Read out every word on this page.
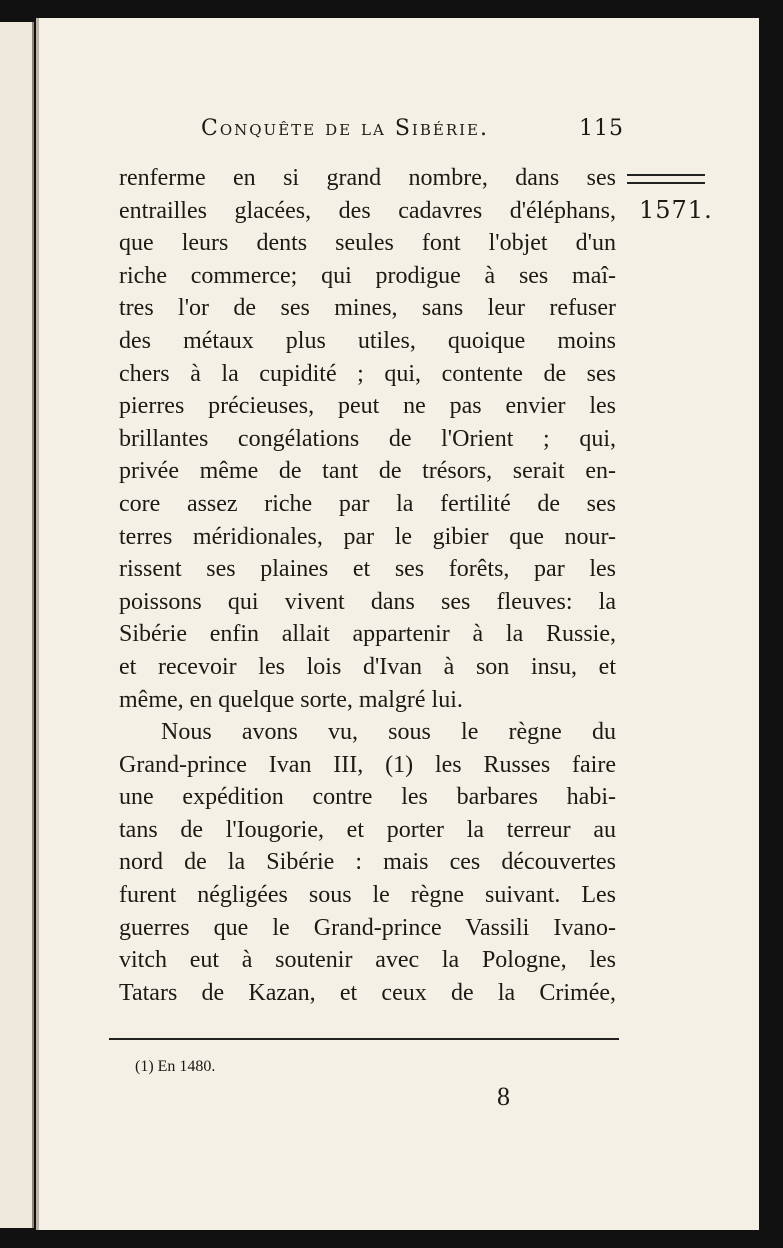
Conquête de la Sibérie.	115
1571.
renferme en si grand nombre, dans ses
entrailles glacées, des cadavres d'éléphans,
que leurs dents seules font l'objet d'un
riche commerce; qui prodigue à ses maî-
tres l'or de ses mines, sans leur refuser
des métaux plus utiles, quoique moins
chers à la cupidité ; qui, contente de ses
pierres précieuses, peut ne pas envier les
brillantes congélations de l'Orient ; qui,
privée même de tant de trésors, serait en-
core assez riche par la fertilité de ses
terres méridionales, par le gibier que nour-
rissent ses plaines et ses forêts, par les
poissons qui vivent dans ses fleuves: la
Sibérie enfin allait appartenir à la Russie,
et recevoir les lois d'Ivan à son insu, et
même, en quelque sorte, malgré lui.
Nous avons vu, sous le règne du
Grand-prince Ivan III, (1) les Russes faire
une expédition contre les barbares habi-
tans de l'Iougorie, et porter la terreur au
nord de la Sibérie : mais ces découvertes
furent négligées sous le règne suivant. Les
guerres que le Grand-prince Vassili Ivano-
vitch eut à soutenir avec la Pologne, les
Tatars de Kazan, et ceux de la Crimée,
(1) En 1480.
8
